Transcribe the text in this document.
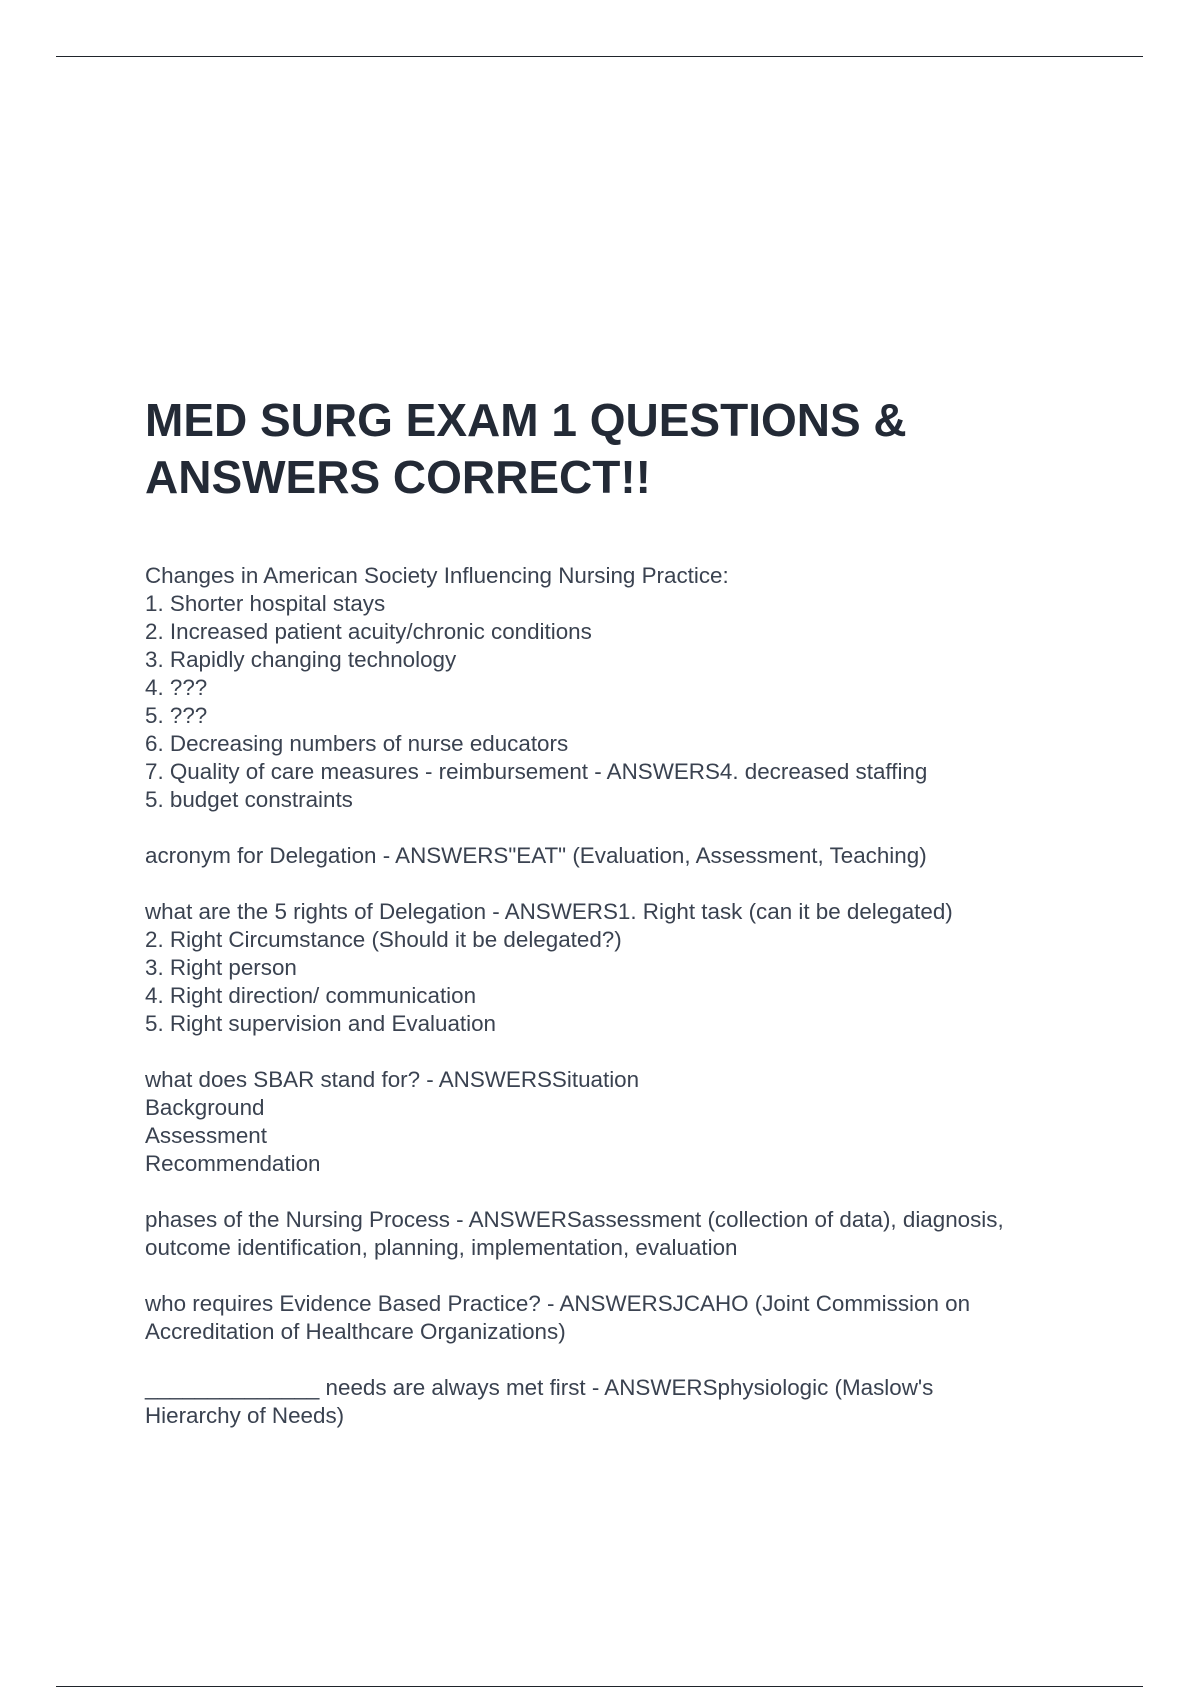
MED SURG EXAM 1 QUESTIONS &
ANSWERS CORRECT!!
Changes in American Society Influencing Nursing Practice:
1. Shorter hospital stays
2. Increased patient acuity/chronic conditions
3. Rapidly changing technology
4. ???
5. ???
6. Decreasing numbers of nurse educators
7. Quality of care measures - reimbursement - ANSWERS4. decreased staffing
5. budget constraints
acronym for Delegation - ANSWERS"EAT" (Evaluation, Assessment, Teaching)
what are the 5 rights of Delegation - ANSWERS1. Right task (can it be delegated)
2. Right Circumstance (Should it be delegated?)
3. Right person
4. Right direction/ communication
5. Right supervision and Evaluation
what does SBAR stand for? - ANSWERSSituation
Background
Assessment
Recommendation
phases of the Nursing Process - ANSWERSassessment (collection of data), diagnosis,
outcome identification, planning, implementation, evaluation
who requires Evidence Based Practice? - ANSWERSJCAHO (Joint Commission on
Accreditation of Healthcare Organizations)
______________ needs are always met first - ANSWERSphysiologic (Maslow's
Hierarchy of Needs)
